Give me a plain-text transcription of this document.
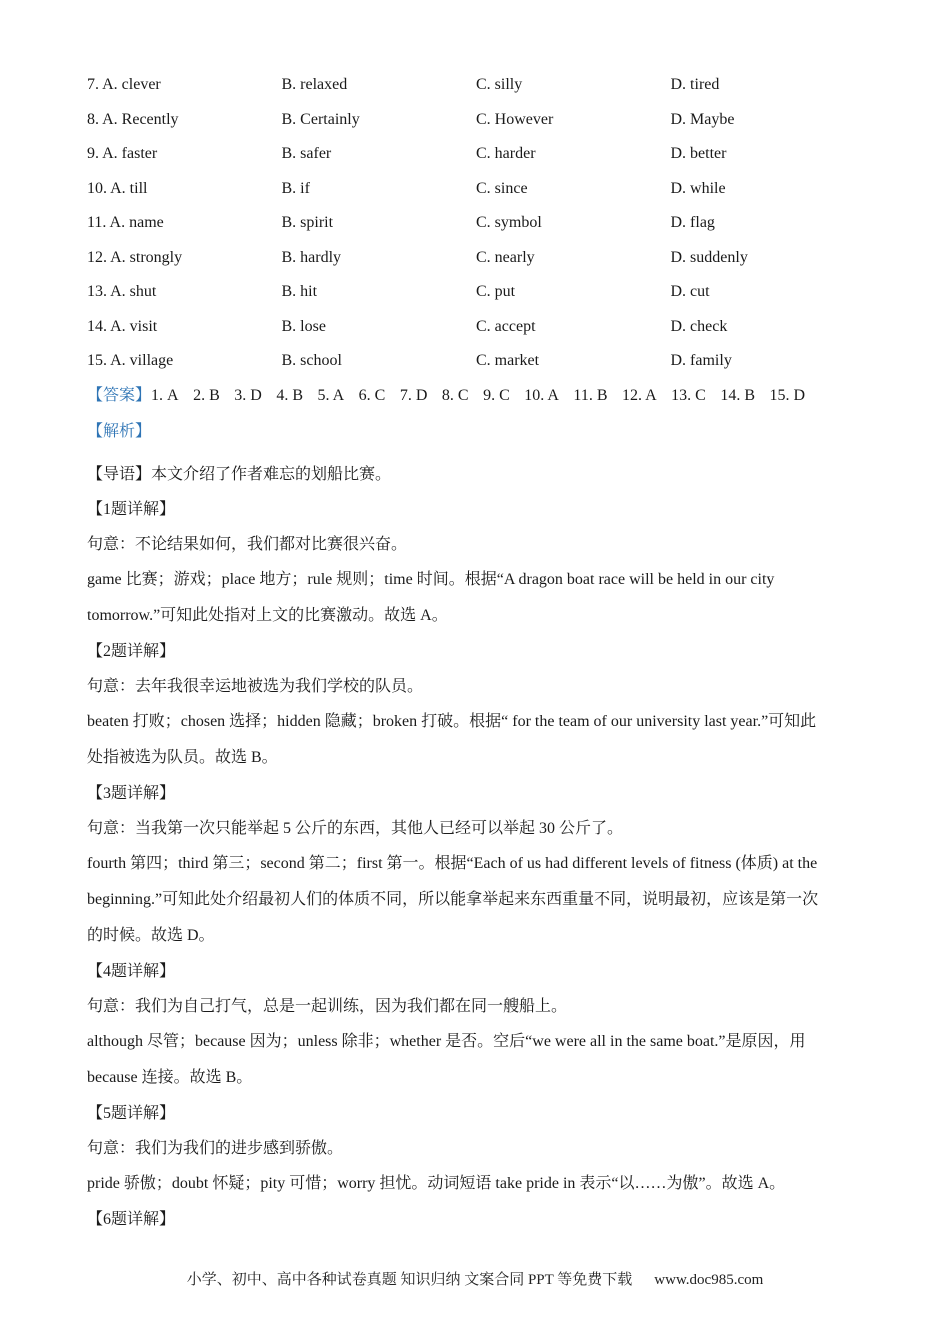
7. A. clever	B. relaxed	C. silly	D. tired
8. A. Recently	B. Certainly	C. However	D. Maybe
9. A. faster	B. safer	C. harder	D. better
10. A. till	B. if	C. since	D. while
11. A. name	B. spirit	C. symbol	D. flag
12. A. strongly	B. hardly	C. nearly	D. suddenly
13. A. shut	B. hit	C. put	D. cut
14. A. visit	B. lose	C. accept	D. check
15. A. village	B. school	C. market	D. family
【答案】1. A 2. B 3. D 4. B 5. A 6. C 7. D 8. C 9. C 10. A 11. B 12. A 13. C 14. B 15. D
【解析】
【导语】本文介绍了作者难忘的划船比赛。
【1题详解】
句意：不论结果如何，我们都对比赛很兴奋。
game 比赛；游戏；place 地方；rule 规则；time 时间。根据“A dragon boat race will be held in our city
tomorrow.”可知此处指对上文的比赛激动。故选 A。
【2题详解】
句意：去年我很幸运地被选为我们学校的队员。
beaten 打败；chosen 选择；hidden 隐藏；broken 打破。根据“ for the team of our university last year.”可知此
处指被选为队员。故选 B。
【3题详解】
句意：当我第一次只能举起 5 公斤的东西，其他人已经可以举起 30 公斤了。
fourth 第四；third 第三；second 第二；first 第一。根据“Each of us had different levels of fitness (体质) at the
beginning.”可知此处介绍最初人们的体质不同，所以能拿举起来东西重量不同，说明最初，应该是第一次
的时候。故选 D。
【4题详解】
句意：我们为自己打气，总是一起训练，因为我们都在同一艘船上。
although 尽管；because 因为；unless 除非；whether 是否。空后“we were all in the same boat.”是原因，用
because 连接。故选 B。
【5题详解】
句意：我们为我们的进步感到骄傲。
pride 骄傲；doubt 怀疑；pity 可惜；worry 担忧。动词短语 take pride in 表示“以……为傲”。故选 A。
【6题详解】
小学、初中、高中各种试卷真题 知识归纳 文案合同 PPT 等免费下载 www.doc985.com
